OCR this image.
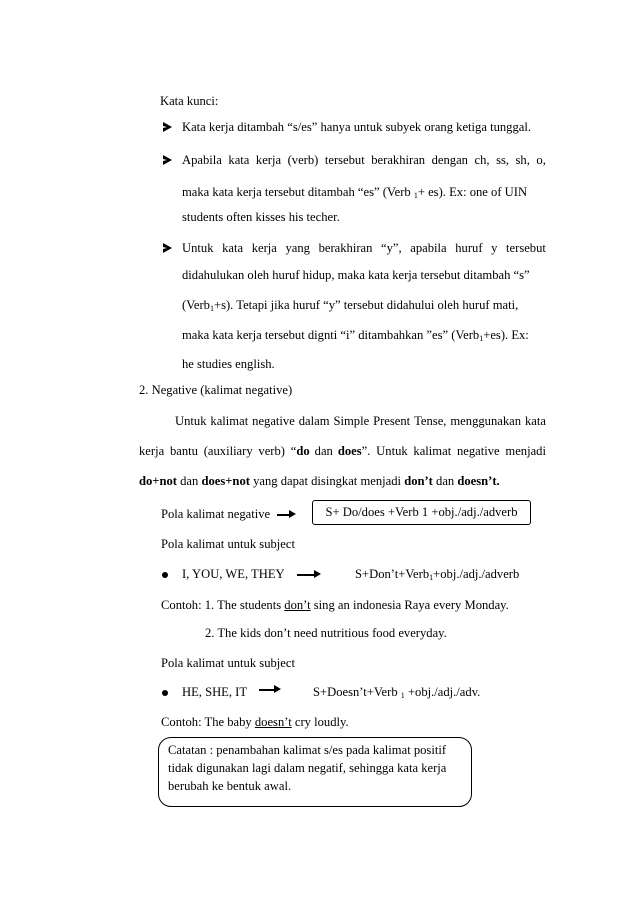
Kata kunci:
Kata kerja ditambah “s/es” hanya untuk subyek orang ketiga tunggal.
Apabila kata kerja (verb) tersebut berakhiran dengan ch, ss, sh, o,
maka kata kerja tersebut ditambah “es” (Verb $_1$+ es). Ex: one of UIN
students often kisses his techer.
Untuk kata kerja yang berakhiran “y”, apabila huruf y tersebut
didahulukan oleh huruf hidup, maka kata kerja tersebut ditambah “s”
(Verb$_1$+s). Tetapi jika huruf “y” tersebut didahului oleh huruf mati,
maka kata kerja tersebut dignti “i” ditambahkan ”es” (Verb$_1$+es). Ex:
he studies english.
2. Negative (kalimat negative)
Untuk kalimat negative dalam Simple Present Tense, menggunakan kata
kerja bantu (auxiliary verb) “do dan does”. Untuk kalimat negative menjadi
do+not dan does+not yang dapat disingkat menjadi don’t dan doesn’t.
Pola kalimat negative	S+ Do/does +Verb 1 +obj./adj./adverb
Pola kalimat untuk subject
I, YOU, WE, THEY	S+Don’t+Verb$_1$+obj./adj./adverb
Contoh: 1. The students don’t sing an indonesia Raya every Monday.
2. The kids don’t need nutritious food everyday.
Pola kalimat untuk subject
HE, SHE, IT	S+Doesn’t+Verb $_1$ +obj./adj./adv.
Contoh: The baby doesn’t cry loudly.
Catatan : penambahan kalimat s/es pada kalimat positif
tidak digunakan lagi dalam negatif, sehingga kata kerja
berubah ke bentuk awal.
